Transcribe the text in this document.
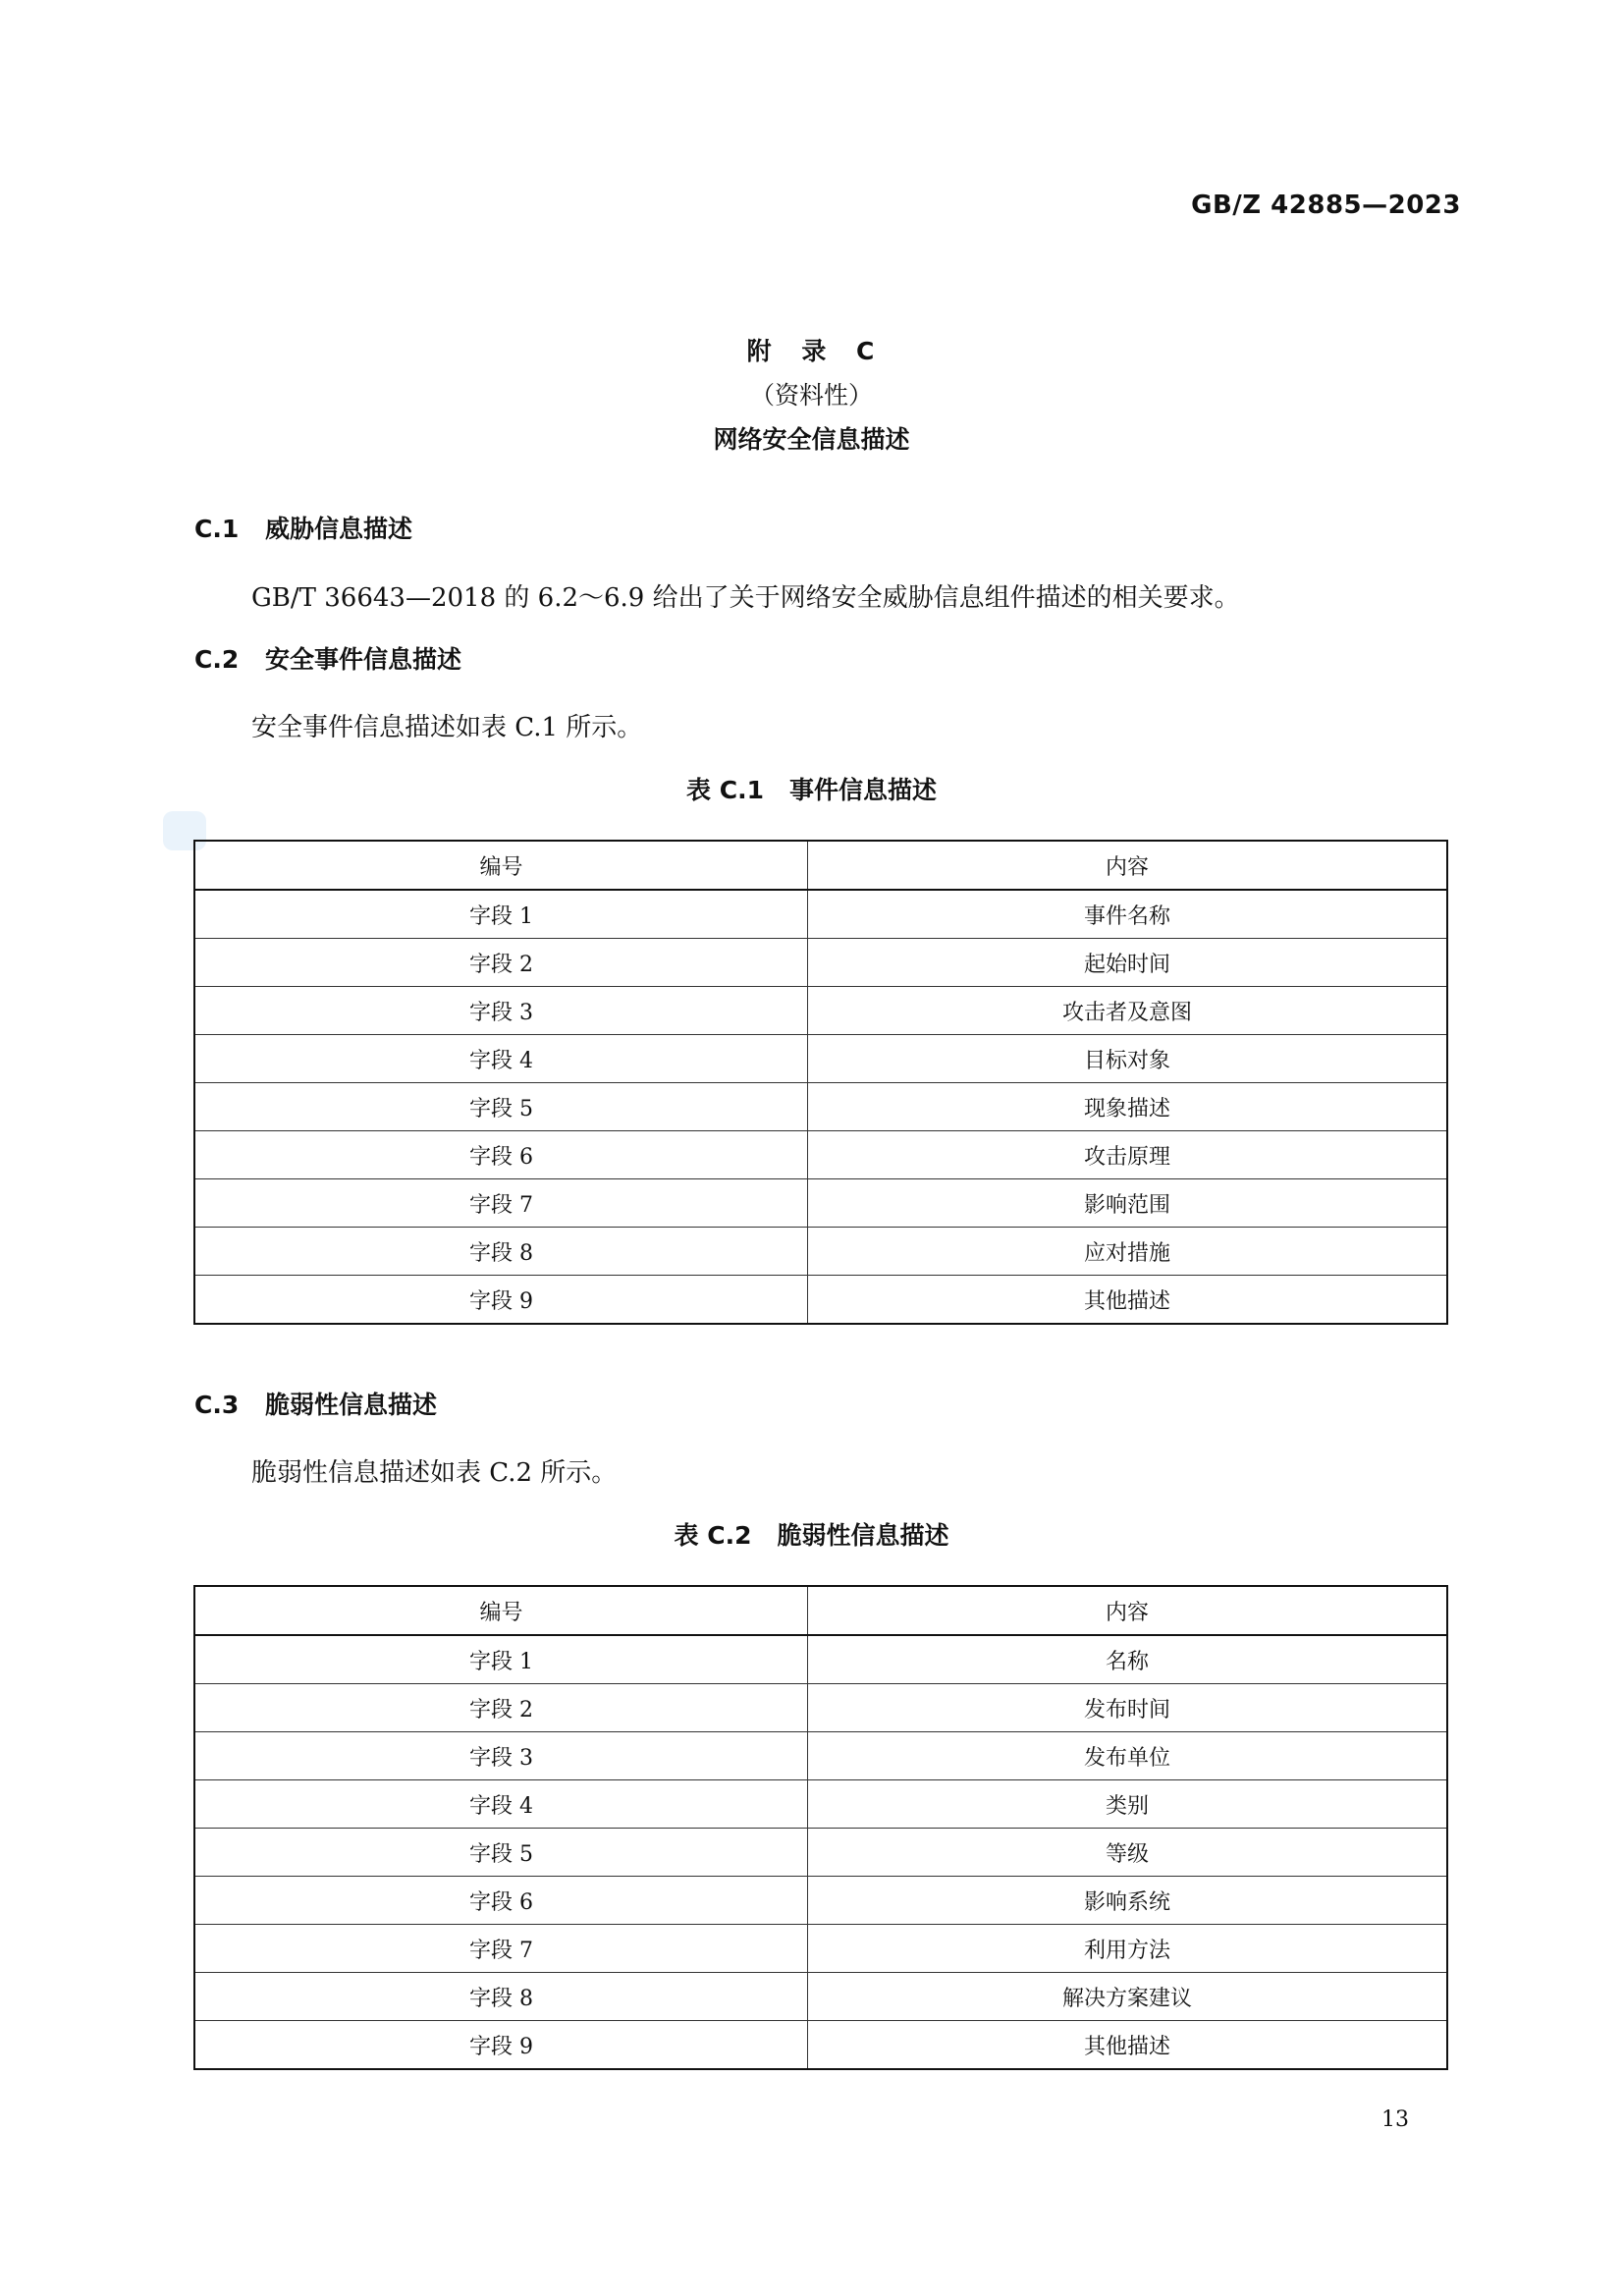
GB/Z 42885—2023
附 录 C
（资料性）
网络安全信息描述
C.1 威胁信息描述
GB/T 36643—2018 的 6.2～6.9 给出了关于网络安全威胁信息组件描述的相关要求。
C.2 安全事件信息描述
安全事件信息描述如表 C.1 所示。
表 C.1 事件信息描述
编号	内容
字段 1	事件名称
字段 2	起始时间
字段 3	攻击者及意图
字段 4	目标对象
字段 5	现象描述
字段 6	攻击原理
字段 7	影响范围
字段 8	应对措施
字段 9	其他描述
C.3 脆弱性信息描述
脆弱性信息描述如表 C.2 所示。
表 C.2 脆弱性信息描述
编号	内容
字段 1	名称
字段 2	发布时间
字段 3	发布单位
字段 4	类别
字段 5	等级
字段 6	影响系统
字段 7	利用方法
字段 8	解决方案建议
字段 9	其他描述
13
